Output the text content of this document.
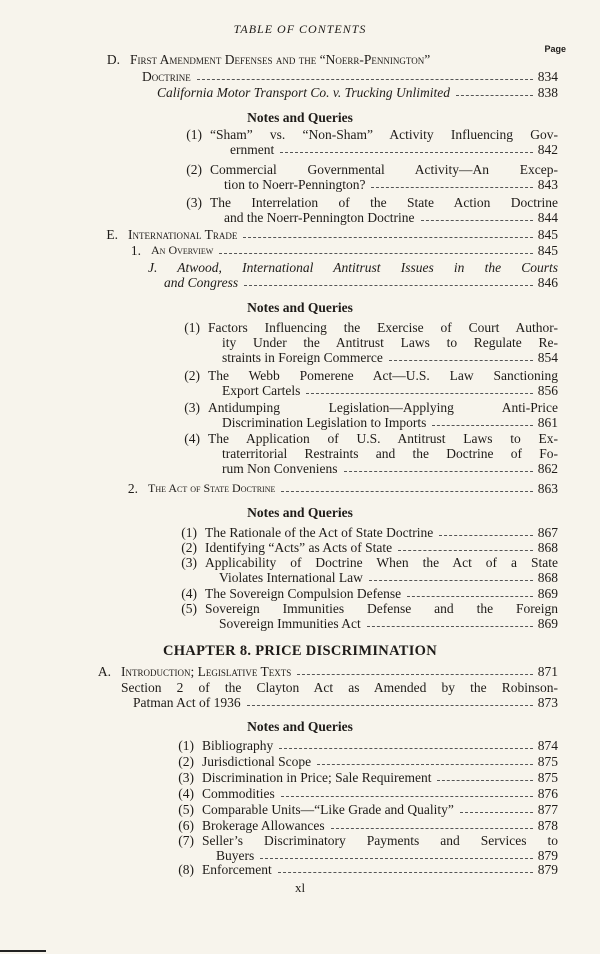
TABLE OF CONTENTS
Page
D. First Amendment Defenses and the “Noerr-Pennington”
Doctrine	834
California Motor Transport Co. v. Trucking Unlimited	838
Notes and Queries
(1) “Sham” vs. “Non-Sham” Activity Influencing Gov-
ernment	842
(2) Commercial Governmental Activity—An Excep-
tion to Noerr-Pennington?	843
(3) The Interrelation of the State Action Doctrine
and the Noerr-Pennington Doctrine	844
E. International Trade	845
1. An Overview	845
J. Atwood, International Antitrust Issues in the Courts
and Congress	846
Notes and Queries
(1) Factors Influencing the Exercise of Court Author-
ity Under the Antitrust Laws to Regulate Re-
straints in Foreign Commerce	854
(2) The Webb Pomerene Act—U.S. Law Sanctioning
Export Cartels	856
(3) Antidumping Legislation—Applying Anti-Price
Discrimination Legislation to Imports	861
(4) The Application of U.S. Antitrust Laws to Ex-
traterritorial Restraints and the Doctrine of Fo-
rum Non Conveniens	862
2. The Act of State Doctrine	863
Notes and Queries
(1) The Rationale of the Act of State Doctrine	867
(2) Identifying “Acts” as Acts of State	868
(3) Applicability of Doctrine When the Act of a State
Violates International Law	868
(4) The Sovereign Compulsion Defense	869
(5) Sovereign Immunities Defense and the Foreign
Sovereign Immunities Act	869
CHAPTER 8. PRICE DISCRIMINATION
A. Introduction; Legislative Texts	871
Section 2 of the Clayton Act as Amended by the Robinson-
Patman Act of 1936	873
Notes and Queries
(1) Bibliography	874
(2) Jurisdictional Scope	875
(3) Discrimination in Price; Sale Requirement	875
(4) Commodities	876
(5) Comparable Units—“Like Grade and Quality”	877
(6) Brokerage Allowances	878
(7) Seller’s Discriminatory Payments and Services to
Buyers	879
(8) Enforcement	879
xl
